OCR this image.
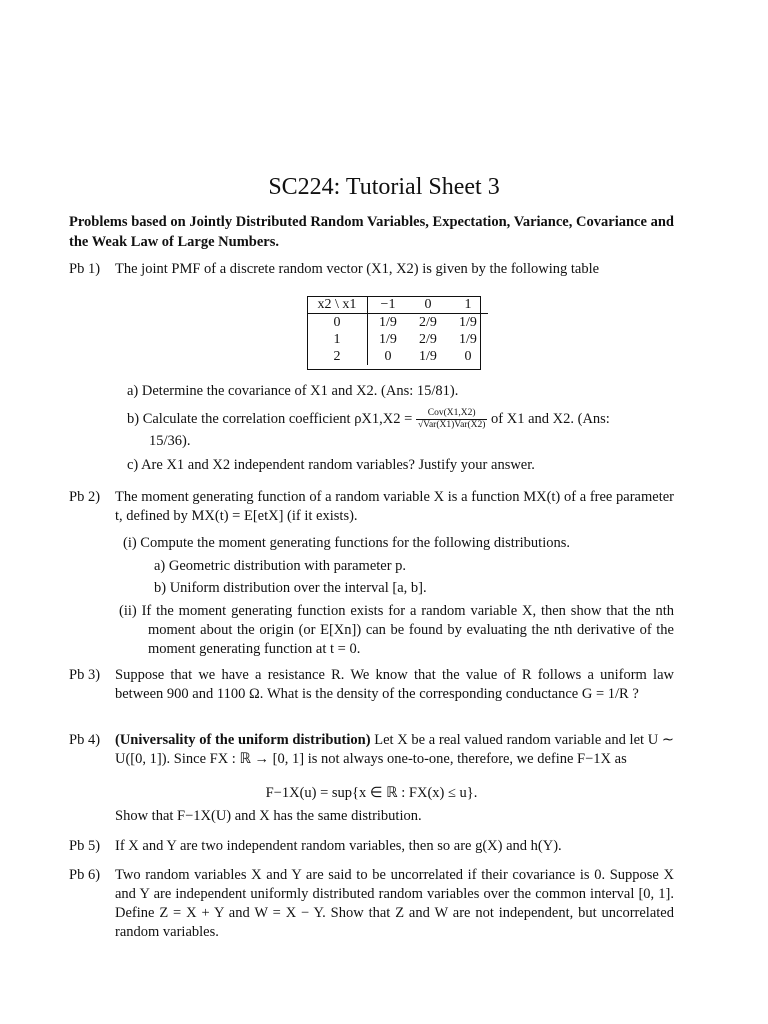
SC224: Tutorial Sheet 3
Problems based on Jointly Distributed Random Variables, Expectation, Variance, Covariance and the Weak Law of Large Numbers.
Pb 1) The joint PMF of a discrete random vector (X1, X2) is given by the following table
x2 \ x1	−1	0	1
0	1/9	2/9	1/9
1	1/9	2/9	1/9
2	0	1/9	0
a) Determine the covariance of X1 and X2. (Ans: 15/81).
b) Calculate the correlation coefficient $\rho X1,X2 = \frac{\text{Cov(X1,X2)}}{\text{√Var(X1)Var(X2)}}$ of X1 and X2. (Ans:
15/36).
c) Are X1 and X2 independent random variables? Justify your answer.
Pb 2) The moment generating function of a random variable X is a function MX(t) of a free parameter t, defined by MX(t) = E[etX] (if it exists).
(i) Compute the moment generating functions for the following distributions.
a) Geometric distribution with parameter p.
b) Uniform distribution over the interval [a, b].
(ii) If the moment generating function exists for a random variable X, then show that the nth moment about the origin (or E[Xn]) can be found by evaluating the nth derivative of the moment generating function at t = 0.
Pb 3) Suppose that we have a resistance R. We know that the value of R follows a uniform law between 900 and 1100 Ω. What is the density of the corresponding conductance G = 1/R ?
Pb 4) (Universality of the uniform distribution) Let X be a real valued random variable and let U ∼ U([0, 1]). Since FX : ℝ → [0, 1] is not always one-to-one, therefore, we define F−1X as
F−1X(u) = sup{x ∈ ℝ : FX(x) ≤ u}.
Show that F−1X(U) and X has the same distribution.
Pb 5) If X and Y are two independent random variables, then so are g(X) and h(Y).
Pb 6) Two random variables X and Y are said to be uncorrelated if their covariance is 0. Suppose X and Y are independent uniformly distributed random variables over the common interval [0, 1]. Define Z = X + Y and W = X − Y. Show that Z and W are not independent, but uncorrelated random variables.
